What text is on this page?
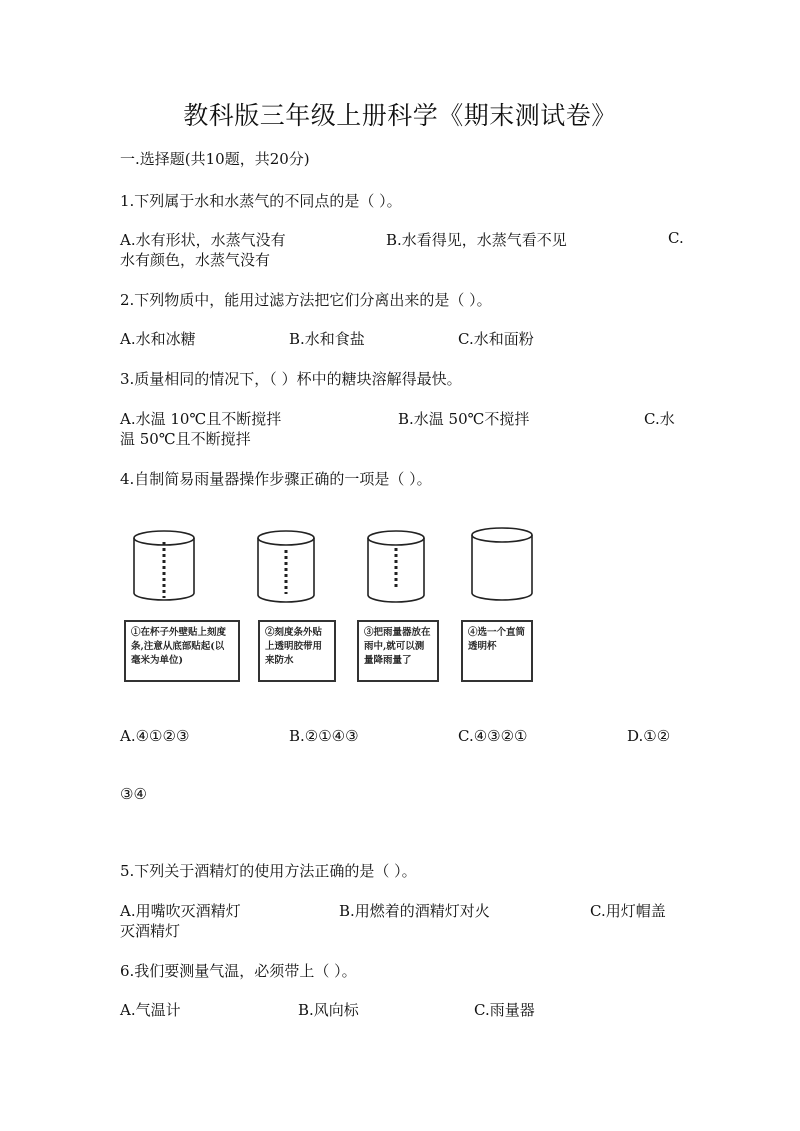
教科版三年级上册科学《期末测试卷》
一.选择题(共10题，共20分)
1.下列属于水和水蒸气的不同点的是（ ）。
A.水有形状，水蒸气没有	B.水看得见，水蒸气看不见	C.
水有颜色，水蒸气没有
2.下列物质中，能用过滤方法把它们分离出来的是（ ）。
A.水和冰糖	B.水和食盐	C.水和面粉
3.质量相同的情况下，（ ）杯中的糖块溶解得最快。
A.水温 10℃且不断搅拌	B.水温 50℃不搅拌	C.水
温 50℃且不断搅拌
4.自制简易雨量器操作步骤正确的一项是（ ）。
①在杯子外壁贴上刻度条,注意从底部贴起(以毫米为单位)
②刻度条外贴上透明胶带用来防水
③把雨量器放在雨中,就可以测量降雨量了
④选一个直筒透明杯
A.④①②③	B.②①④③	C.④③②①	D.①②
③④
5.下列关于酒精灯的使用方法正确的是（ ）。
A.用嘴吹灭酒精灯	B.用燃着的酒精灯对火	C.用灯帽盖
灭酒精灯
6.我们要测量气温，必须带上（ ）。
A.气温计	B.风向标	C.雨量器
